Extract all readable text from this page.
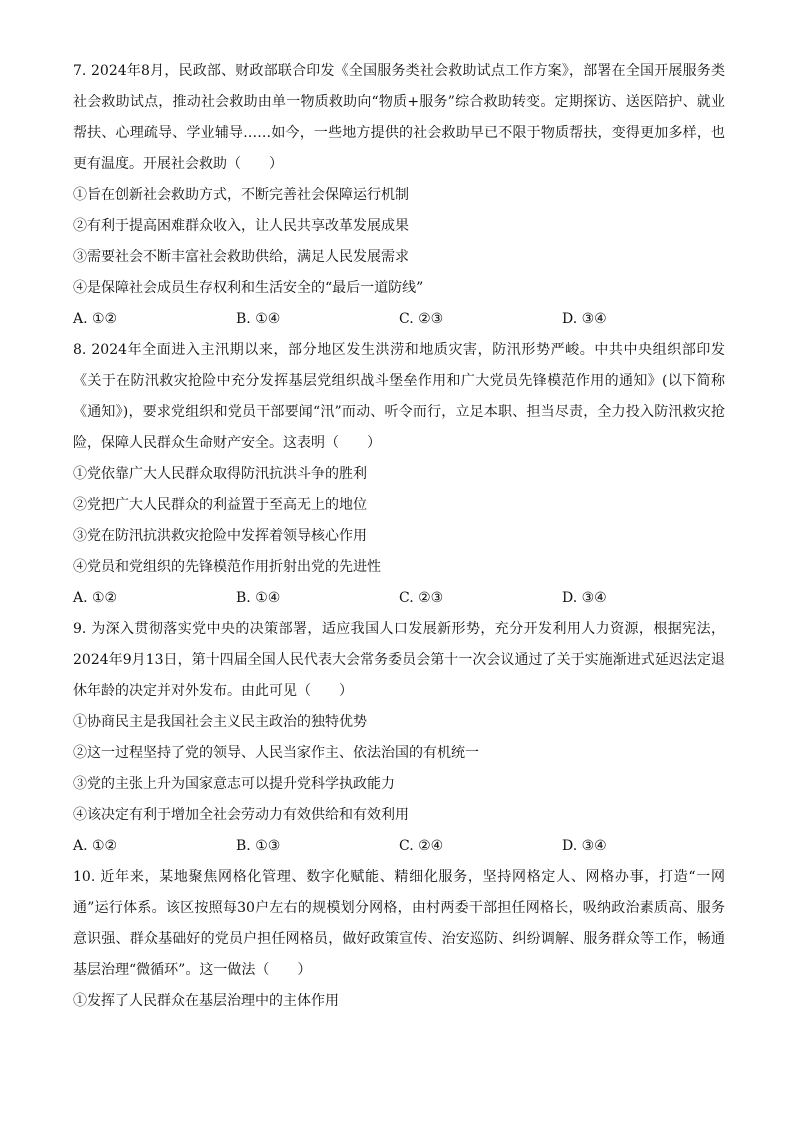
7. 2024年8月，民政部、财政部联合印发《全国服务类社会救助试点工作方案》，部署在全国开展服务类社会救助试点，推动社会救助由单一物质救助向“物质+服务”综合救助转变。定期探访、送医陪护、就业帮扶、心理疏导、学业辅导……如今，一些地方提供的社会救助早已不限于物质帮扶，变得更加多样，也更有温度。开展社会救助（　　）

①旨在创新社会救助方式，不断完善社会保障运行机制

②有利于提高困难群众收入，让人民共享改革发展成果

③需要社会不断丰富社会救助供给，满足人民发展需求

④是保障社会成员生存权利和生活安全的“最后一道防线”

A. ①②	B. ①④	C. ②③	D. ③④

8. 2024年全面进入主汛期以来，部分地区发生洪涝和地质灾害，防汛形势严峻。中共中央组织部印发《关于在防汛救灾抢险中充分发挥基层党组织战斗堡垒作用和广大党员先锋模范作用的通知》(以下简称《通知》)，要求党组织和党员干部要闻“汛”而动、听令而行，立足本职、担当尽责，全力投入防汛救灾抢险，保障人民群众生命财产安全。这表明（　　）

①党依靠广大人民群众取得防汛抗洪斗争的胜利

②党把广大人民群众的利益置于至高无上的地位

③党在防汛抗洪救灾抢险中发挥着领导核心作用

④党员和党组织的先锋模范作用折射出党的先进性

A. ①②	B. ①④	C. ②③	D. ③④

9. 为深入贯彻落实党中央的决策部署，适应我国人口发展新形势，充分开发利用人力资源，根据宪法，2024年9月13日，第十四届全国人民代表大会常务委员会第十一次会议通过了关于实施渐进式延迟法定退休年龄的决定并对外发布。由此可见（　　）

①协商民主是我国社会主义民主政治的独特优势

②这一过程坚持了党的领导、人民当家作主、依法治国的有机统一

③党的主张上升为国家意志可以提升党科学执政能力

④该决定有利于增加全社会劳动力有效供给和有效利用

A. ①②	B. ①③	C. ②④	D. ③④

10. 近年来，某地聚焦网格化管理、数字化赋能、精细化服务，坚持网格定人、网格办事，打造“一网通”运行体系。该区按照每30户左右的规模划分网格，由村两委干部担任网格长，吸纳政治素质高、服务意识强、群众基础好的党员户担任网格员，做好政策宣传、治安巡防、纠纷调解、服务群众等工作，畅通基层治理“微循环”。这一做法（　　）

①发挥了人民群众在基层治理中的主体作用
